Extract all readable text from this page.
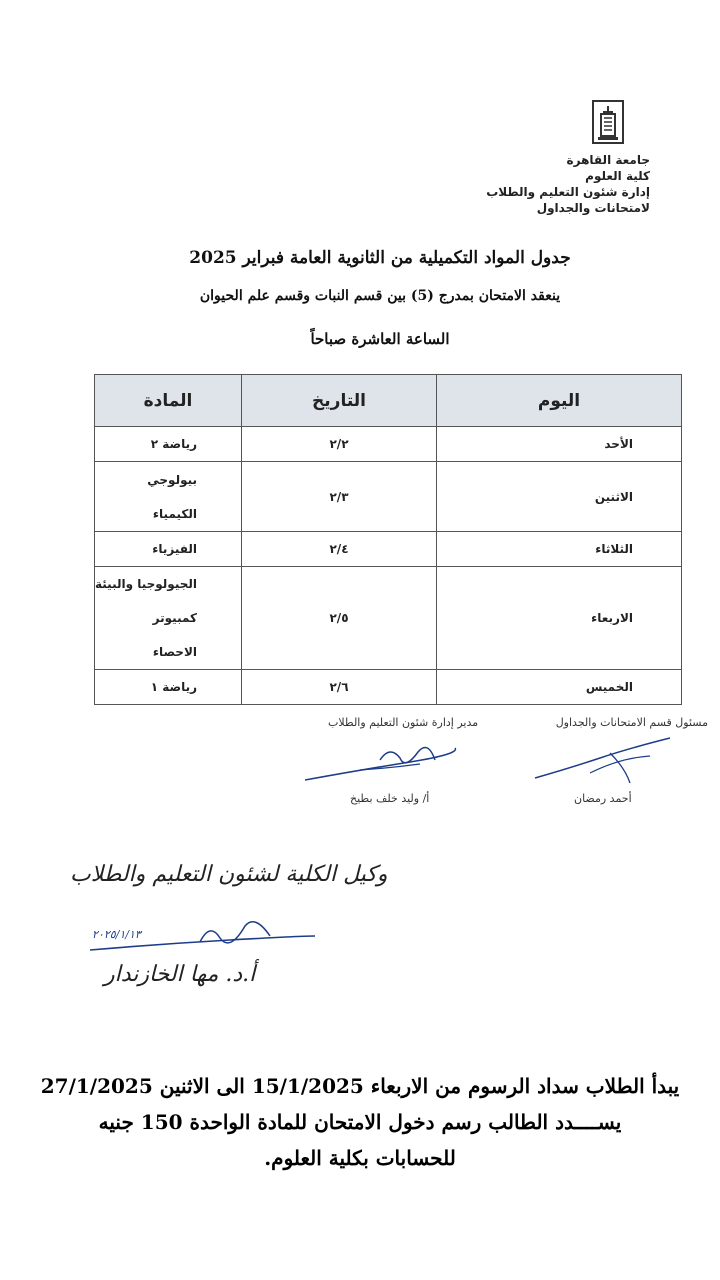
جامعة القاهرة
كلية العلوم
إدارة شئون التعليم والطلاب
لامتحانات والجداول
جدول المواد التكميلية من الثانوية العامة فبراير 2025
ينعقد الامتحان بمدرج (5) بين قسم النبات وقسم علم الحيوان
الساعة العاشرة صباحاً
اليوم	التاريخ	المادة
الأحد	٢/٢	رياضة ٢

الاثنين	٢/٣	بيولوجي
الكيمياء

الثلاثاء	٢/٤	الفيزياء

الاربعاء	٢/٥	الجيولوجيا والبيئة
كمبيوتر
الاحصاء

الخميس	٢/٦	رياضة ١
مسئول قسم الامتحانات والجداول
أحمد رمضان
مدير إدارة شئون التعليم والطلاب
أ/ وليد خلف بطيخ
وكيل الكلية لشئون التعليم والطلاب
٢٠٢٥/١/١٣
أ.د. مها الخازندار
يبدأ الطلاب سداد الرسوم من الاربعاء 15/1/2025 الى الاثنين 27/1/2025
يســــدد الطالب رسم دخول الامتحان للمادة الواحدة 150 جنيه
للحسابات بكلية العلوم.
